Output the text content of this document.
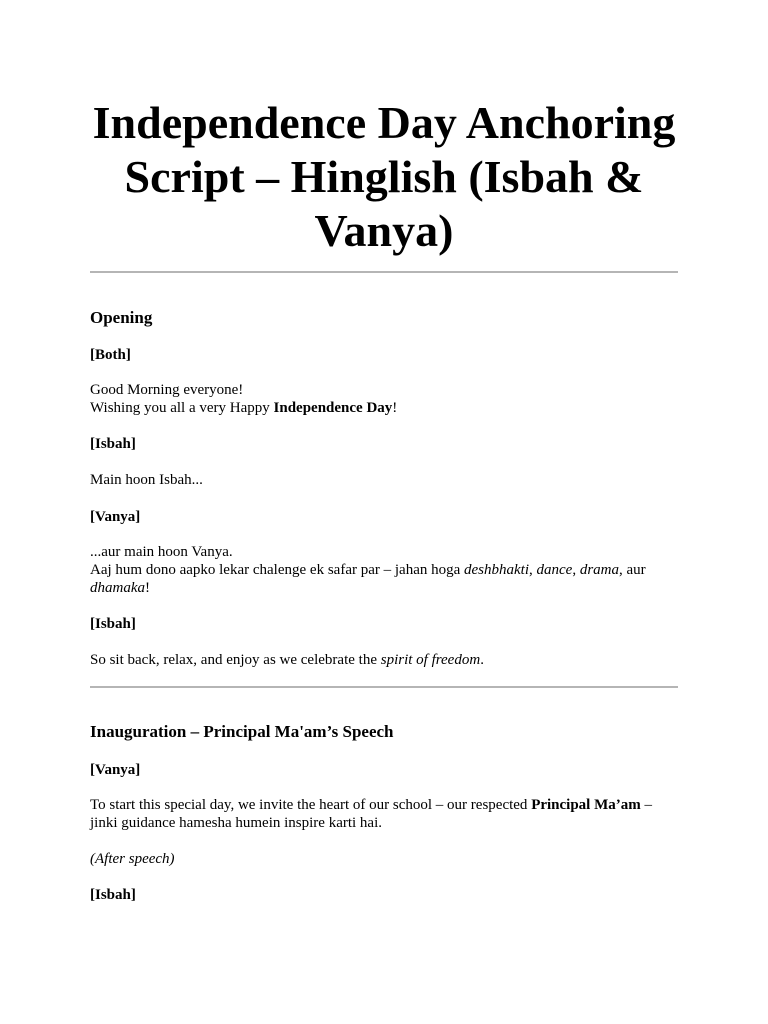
Independence Day Anchoring Script – Hinglish (Isbah & Vanya)
Opening
[Both]

Good Morning everyone!

Wishing you all a very Happy Independence Day!

[Isbah]

Main hoon Isbah...

[Vanya]

...aur main hoon Vanya.

Aaj hum dono aapko lekar chalenge ek safar par – jahan hoga deshbhakti, dance, drama, aur dhamaka!

[Isbah]

So sit back, relax, and enjoy as we celebrate the spirit of freedom.

Inauguration – Principal Ma'am’s Speech
[Vanya]

To start this special day, we invite the heart of our school – our respected Principal Ma’am – jinki guidance hamesha humein inspire karti hai.

(After speech)

[Isbah]
